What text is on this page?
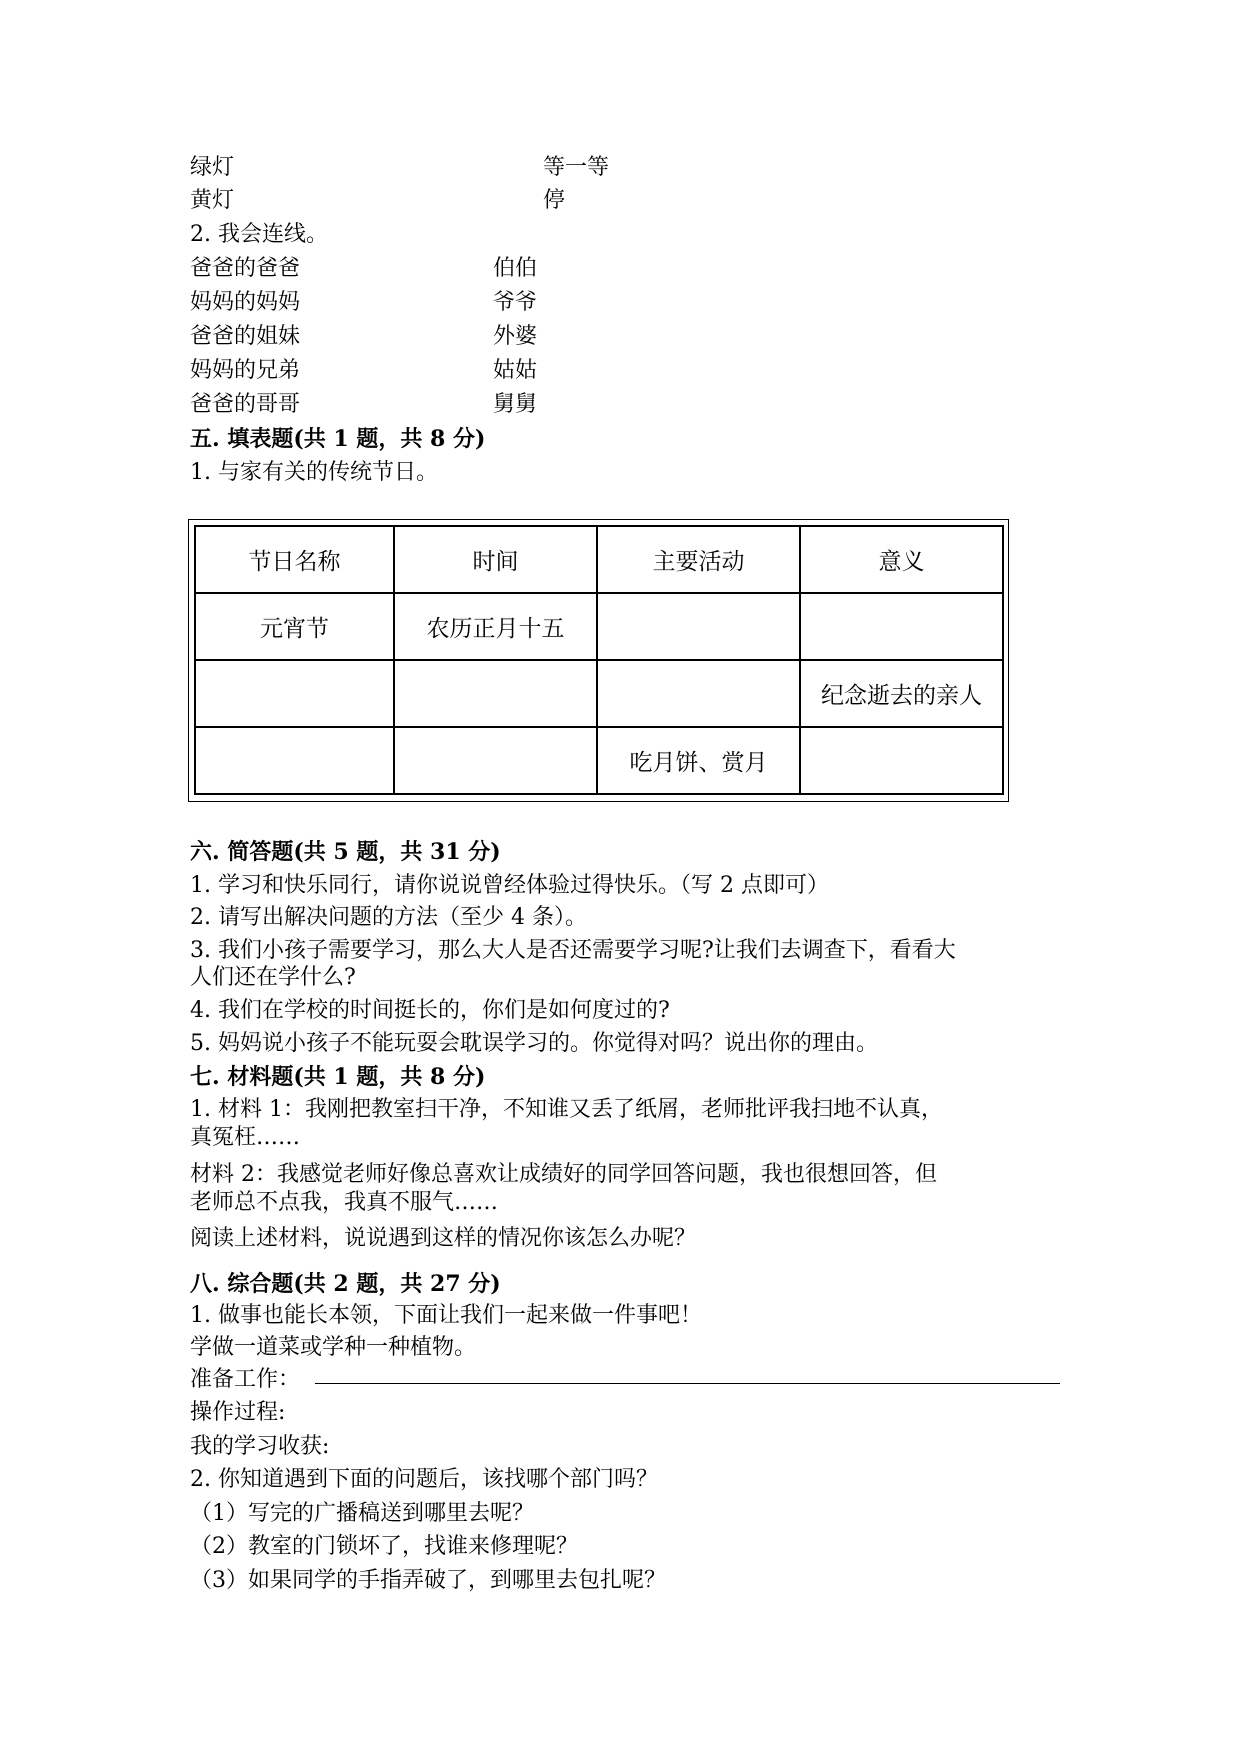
绿灯	等一等
黄灯	停
2. 我会连线。
爸爸的爸爸	伯伯
妈妈的妈妈	爷爷
爸爸的姐妹	外婆
妈妈的兄弟	姑姑
爸爸的哥哥	舅舅
五. 填表题(共 1 题，共 8 分)
1. 与家有关的传统节日。
节日名称	时间	主要活动	意义
元宵节	农历正月十五		
			纪念逝去的亲人
		吃月饼、赏月	
六. 简答题(共 5 题，共 31 分)
1. 学习和快乐同行，请你说说曾经体验过得快乐。（写 2 点即可）
2. 请写出解决问题的方法（至少 4 条）。
3. 我们小孩子需要学习，那么大人是否还需要学习呢?让我们去调查下，看看大
人们还在学什么?
4. 我们在学校的时间挺长的，你们是如何度过的?
5. 妈妈说小孩子不能玩耍会耽误学习的。你觉得对吗？说出你的理由。
七. 材料题(共 1 题，共 8 分)
1. 材料 1：我刚把教室扫干净，不知谁又丢了纸屑，老师批评我扫地不认真，
真冤枉……
材料 2：我感觉老师好像总喜欢让成绩好的同学回答问题，我也很想回答，但
老师总不点我，我真不服气……
阅读上述材料，说说遇到这样的情况你该怎么办呢？
八. 综合题(共 2 题，共 27 分)
1. 做事也能长本领，下面让我们一起来做一件事吧！
学做一道菜或学种一种植物。
准备工作：
操作过程:
我的学习收获:
2. 你知道遇到下面的问题后，该找哪个部门吗？
（1）写完的广播稿送到哪里去呢？
（2）教室的门锁坏了，找谁来修理呢？
（3）如果同学的手指弄破了，到哪里去包扎呢？
